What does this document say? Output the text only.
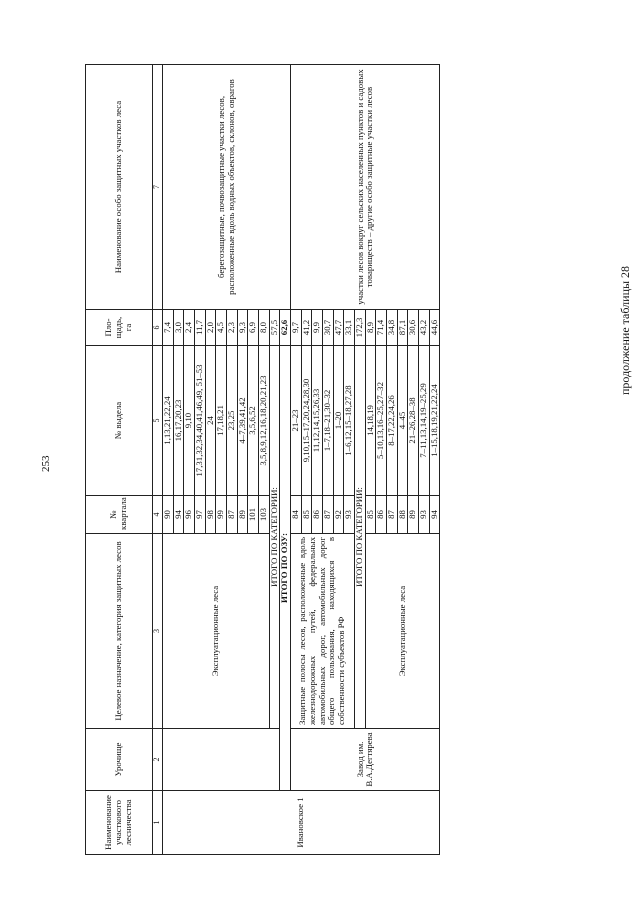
253
продолжение таблицы 28
Наименование участкового лесничества	Урочище	Целевое назначение, категория защитных лесов	№ квартала	№ выдела	Пло-щадь, га	Наименование особо защитных участков леса
1	2	3	4	5	6	7
Ивановское 1		Эксплуатационные леса	90	1,13,21,22,24	7,4	берегозащитные, почвозащитные участки лесов, расположенные вдоль водных объектов, склонов, оврагов
			94	16,17,20,23	3,0	
			96	9,10	2,4	
			97	17,31,32,34,40,41,46,49, 51–53	11,7	
			98	24	2,0	
			99	17,18,21	4,5	
			87	23,25	2,3	
			89	4–7,39,41,42	9,3	
			101	3,5,6,52	6,9	
			103	3,5,8,9,12,16,18,20,21,23	8,0	
		ИТОГО ПО КАТЕГОРИИ:			57,5	
	ИТОГО ПО ОЗУ:				62,6	
	Завод им. В.А.Дегтярева	Защитные полосы лесов, расположенные вдоль железнодорожных путей, федеральных автомобильных дорог, автомобильных дорог общего пользования, находящихся в собственности субъектов РФ	84	21–23	9,7	участки лесов вокруг сельских населенных пунктов и садовых товариществ – другие особо защитные участки лесов
			85	9,10,15–17,20,24,28,30	41,2	
			86	11,12,14,15,26,33	9,9	
			87	1–7,18–21,30–32	30,7	
			92	1–20	47,7	
			93	1–6,12,15–18,27,28	33,1	
		ИТОГО ПО КАТЕГОРИИ:			172,3	
		Эксплуатационные леса	85	14,18,19	8,9	
			86	5–10,13,16–25,27–32	71,4	
			87	8–17,22,24,26	34,8	
			88	4–45	87,1	
			89	21–26,28–38	30,6	
			93	7–11,13,14,19–25,29	43,2	
			94	1–15,18,19,21,22,24	44,6	
